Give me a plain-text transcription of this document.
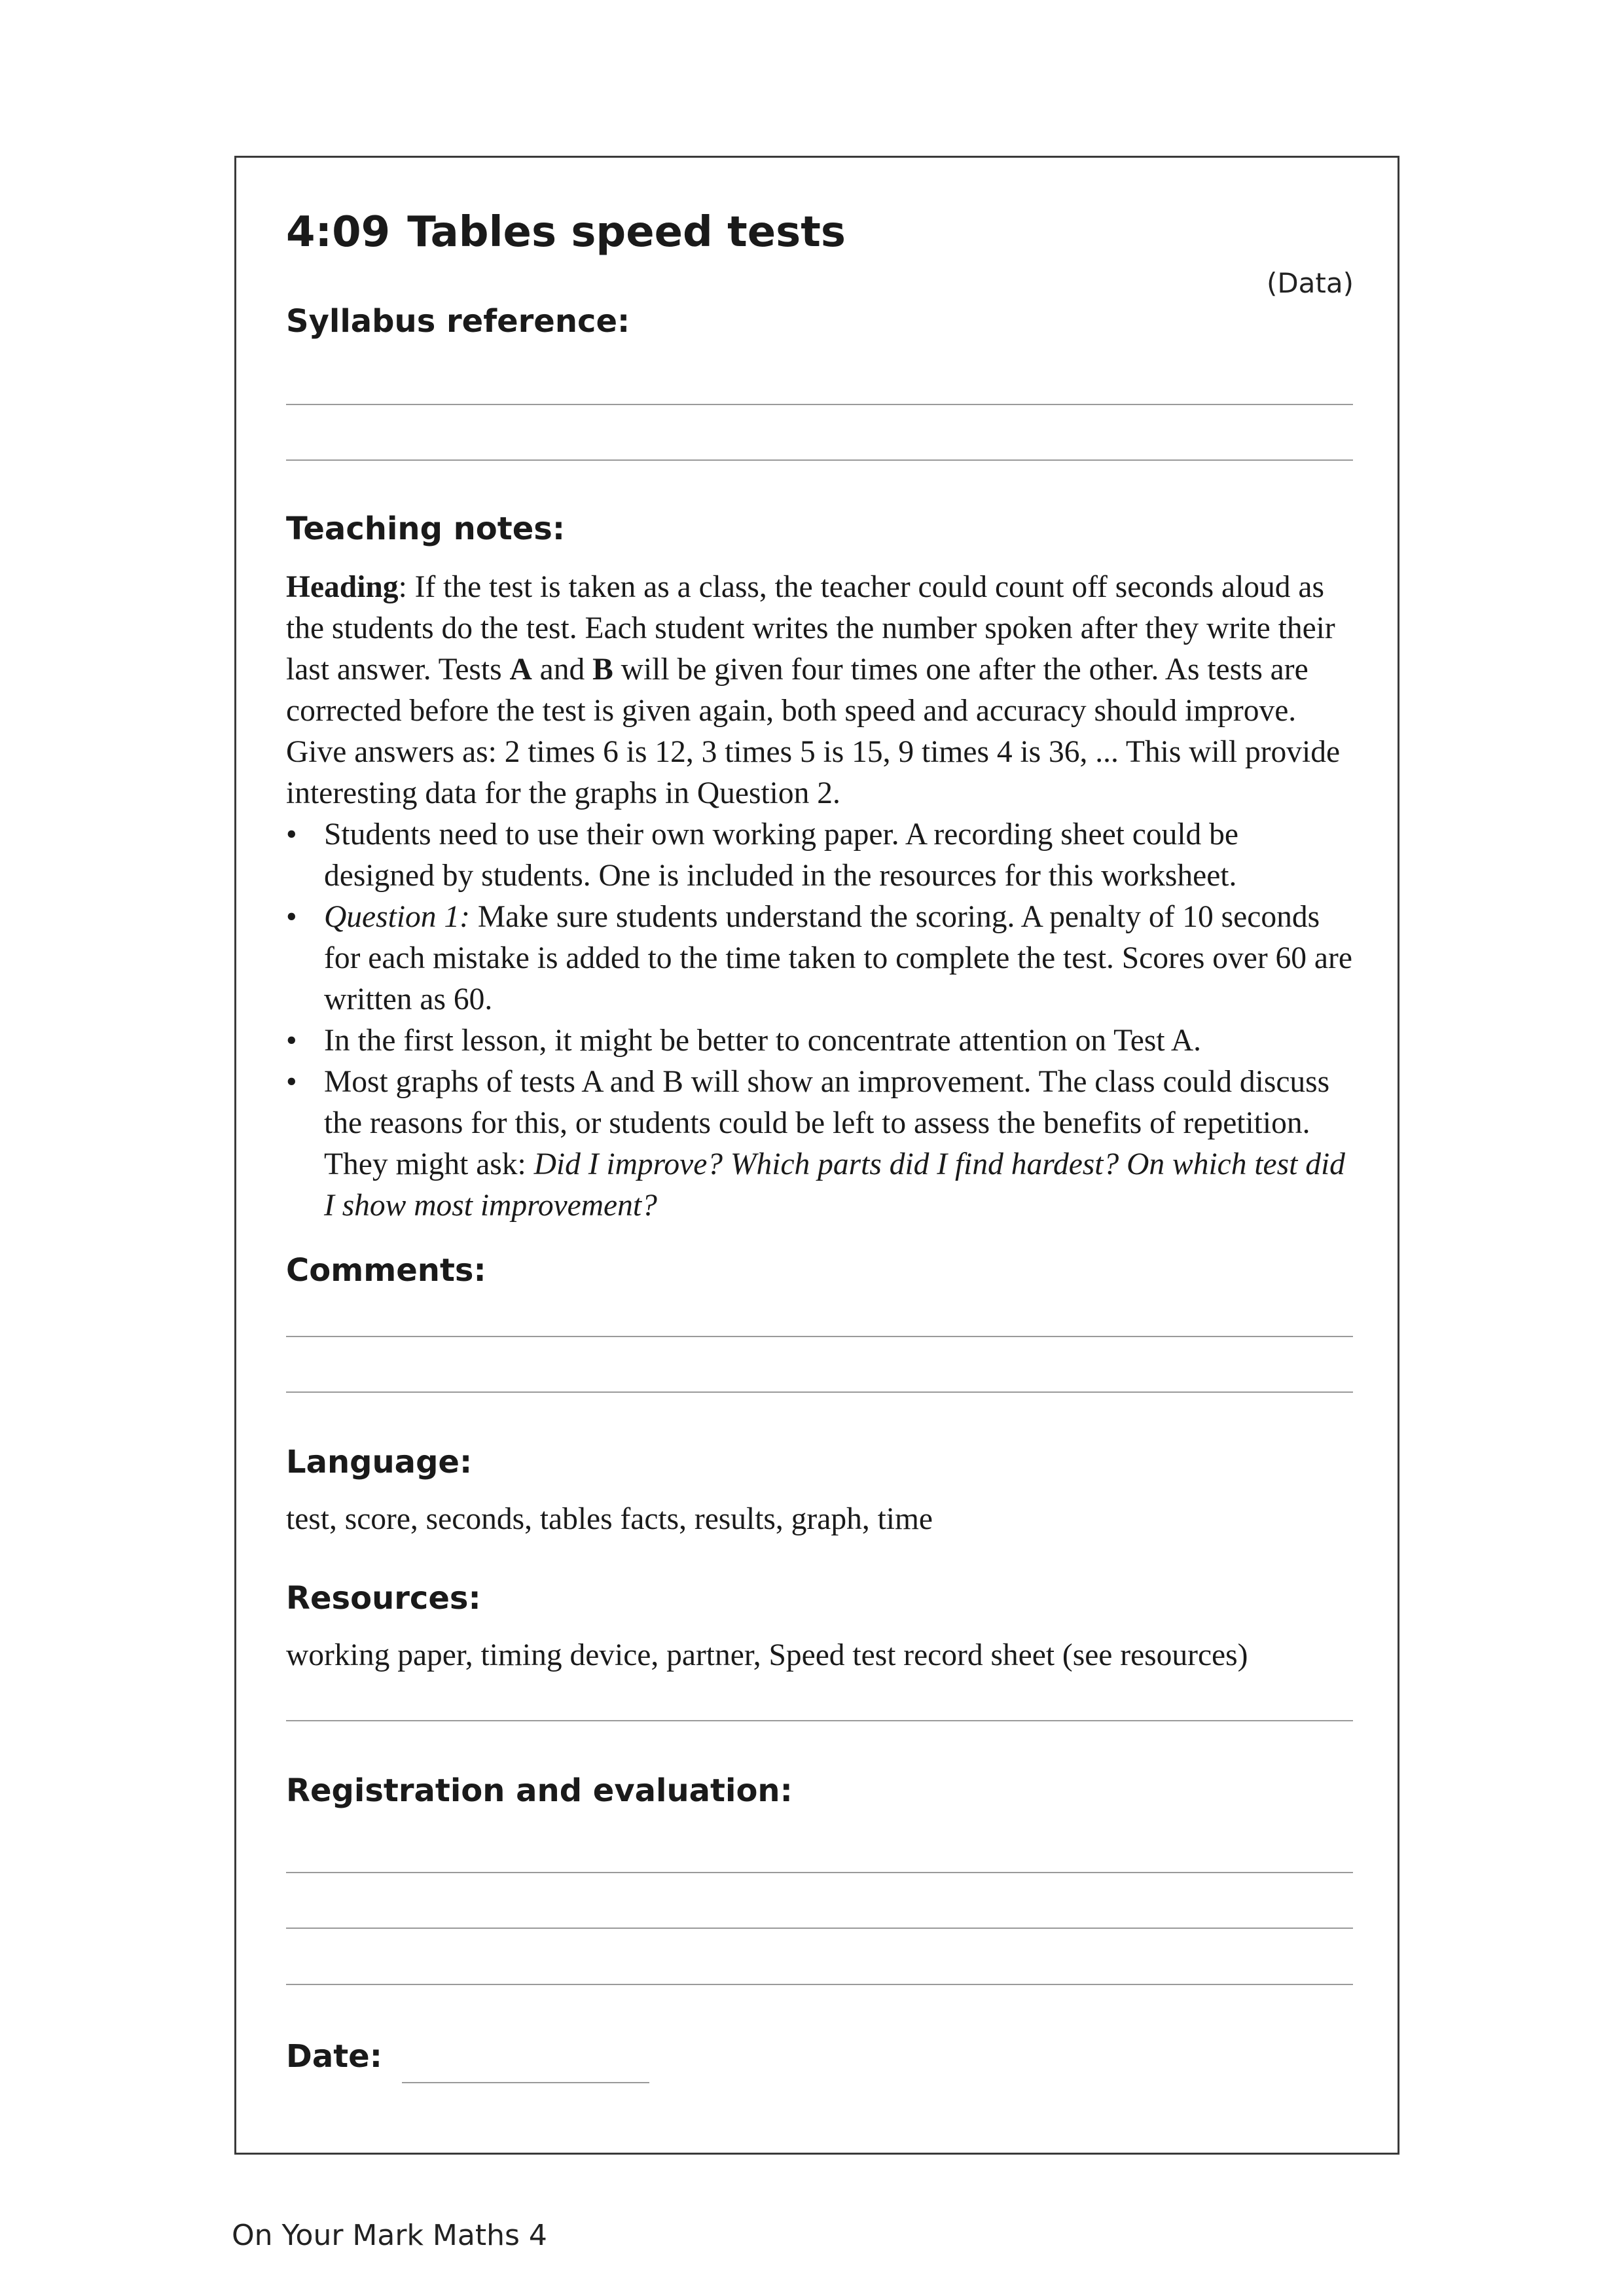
4:09 Tables speed tests
(Data)
Syllabus reference:
Teaching notes:

Heading: If the test is taken as a class, the teacher could count off seconds aloud as the students do the test. Each student writes the number spoken after they write their last answer. Tests A and B will be given four times one after the other. As tests are corrected before the test is given again, both speed and accuracy should improve. Give answers as: 2 times 6 is 12, 3 times 5 is 15, 9 times 4 is 36, ... This will provide interesting data for the graphs in Question 2.

• Students need to use their own working paper. A recording sheet could be designed by students. One is included in the resources for this worksheet.
• Question 1: Make sure students understand the scoring. A penalty of 10 seconds for each mistake is added to the time taken to complete the test. Scores over 60 are written as 60.
• In the first lesson, it might be better to concentrate attention on Test A.
• Most graphs of tests A and B will show an improvement. The class could discuss the reasons for this, or students could be left to assess the benefits of repetition. They might ask: Did I improve? Which parts did I find hardest? On which test did I show most improvement?
Comments:
Language:

test, score, seconds, tables facts, results, graph, time

Resources:

working paper, timing device, partner, Speed test record sheet (see resources)

Registration and evaluation:
Date:
On Your Mark Maths 4
